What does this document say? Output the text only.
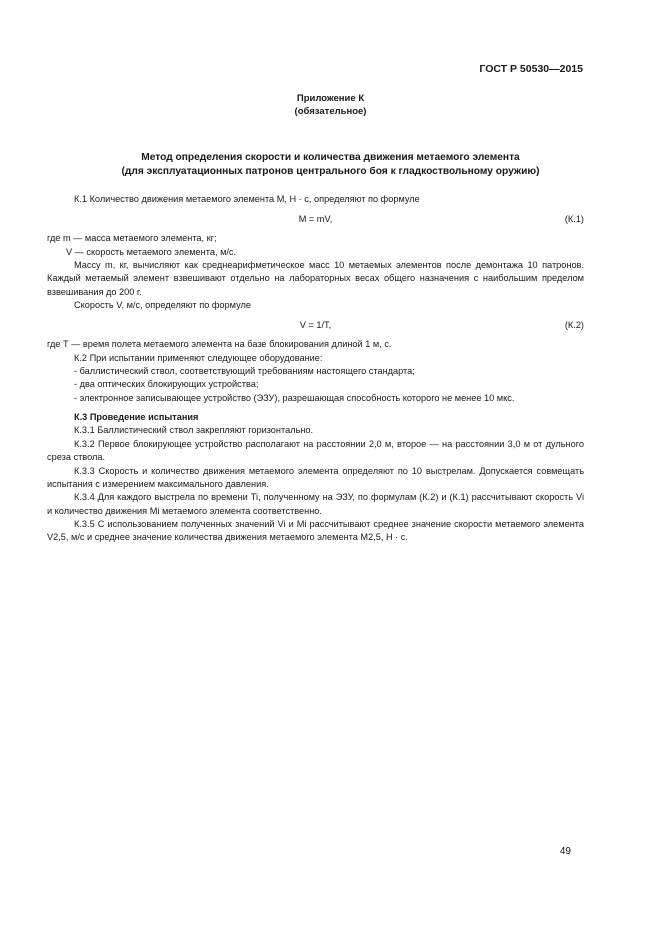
ГОСТ Р 50530—2015
Приложение К
(обязательное)
Метод определения скорости и количества движения метаемого элемента
(для эксплуатационных патронов центрального боя к гладкоствольному оружию)

К.1 Количество движения метаемого элемента М, Н · с, определяют по формуле

М = mV,	(К.1)

где m — масса метаемого элемента, кг;

V — скорость метаемого элемента, м/с.

Массу m, кг, вычисляют как среднеарифметическое масс 10 метаемых элементов после демонтажа 10 патронов. Каждый метаемый элемент взвешивают отдельно на лабораторных весах общего назначения с наибольшим пределом взвешивания до 200 г.

Скорость V, м/с, определяют по формуле

V = 1/T,	(К.2)

где Т — время полета метаемого элемента на базе блокирования длиной 1 м, с.

К.2 При испытании применяют следующее оборудование:

- баллистический ствол, соответствующий требованиям настоящего стандарта;

- два оптических блокирующих устройства;

- электронное записывающее устройство (ЭЗУ), разрешающая способность которого не менее 10 мкс.

К.3 Проведение испытания

К.3.1 Баллистический ствол закрепляют горизонтально.

К.3.2 Первое блокирующее устройство располагают на расстоянии 2,0 м, второе — на расстоянии 3,0 м от дульного среза ствола.

К.3.3 Скорость и количество движения метаемого элемента определяют по 10 выстрелам. Допускается совмещать испытания с измерением максимального давления.

К.3.4 Для каждого выстрела по времени Ti, полученному на ЭЗУ, по формулам (К.2) и (К.1) рассчитывают скорость Vi и количество движения Mi метаемого элемента соответственно.

К.3.5 С использованием полученных значений Vi и Mi рассчитывают среднее значение скорости метаемого элемента V2,5, м/с и среднее значение количества движения метаемого элемента М2,5, Н · с.

49
